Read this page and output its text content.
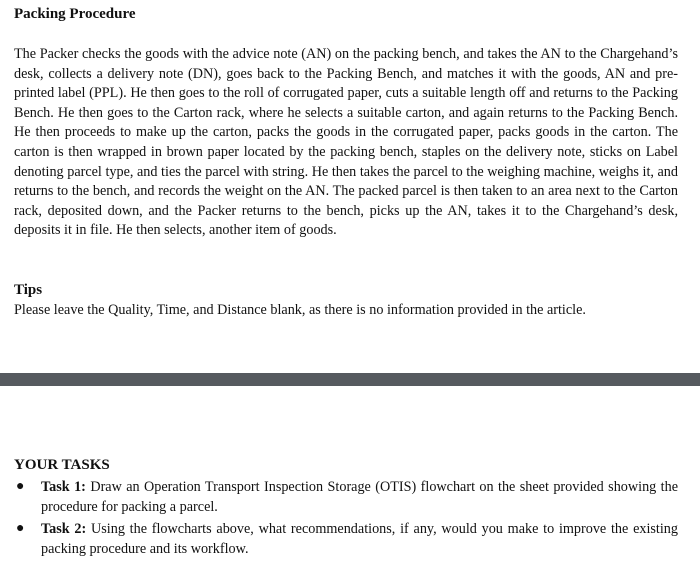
Packing Procedure

The Packer checks the goods with the advice note (AN) on the packing bench, and takes the AN to the Chargehand’s desk, collects a delivery note (DN), goes back to the Packing Bench, and matches it with the goods, AN and pre-printed label (PPL). He then goes to the roll of corrugated paper, cuts a suitable length off and returns to the Packing Bench. He then goes to the Carton rack, where he selects a suitable carton, and again returns to the Packing Bench. He then proceeds to make up the carton, packs the goods in the corrugated paper, packs goods in the carton. The carton is then wrapped in brown paper located by the packing bench, staples on the delivery note, sticks on Label denoting parcel type, and ties the parcel with string. He then takes the parcel to the weighing machine, weighs it, and returns to the bench, and records the weight on the AN. The packed parcel is then taken to an area next to the Carton rack, deposited down, and the Packer returns to the bench, picks up the AN, takes it to the Chargehand’s desk, deposits it in file. He then selects, another item of goods.

Tips

Please leave the Quality, Time, and Distance blank, as there is no information provided in the article.

YOUR TASKS
● Task 1: Draw an Operation Transport Inspection Storage (OTIS) flowchart on the sheet provided showing the procedure for packing a parcel.
● Task 2: Using the flowcharts above, what recommendations, if any, would you make to improve the existing packing procedure and its workflow.
